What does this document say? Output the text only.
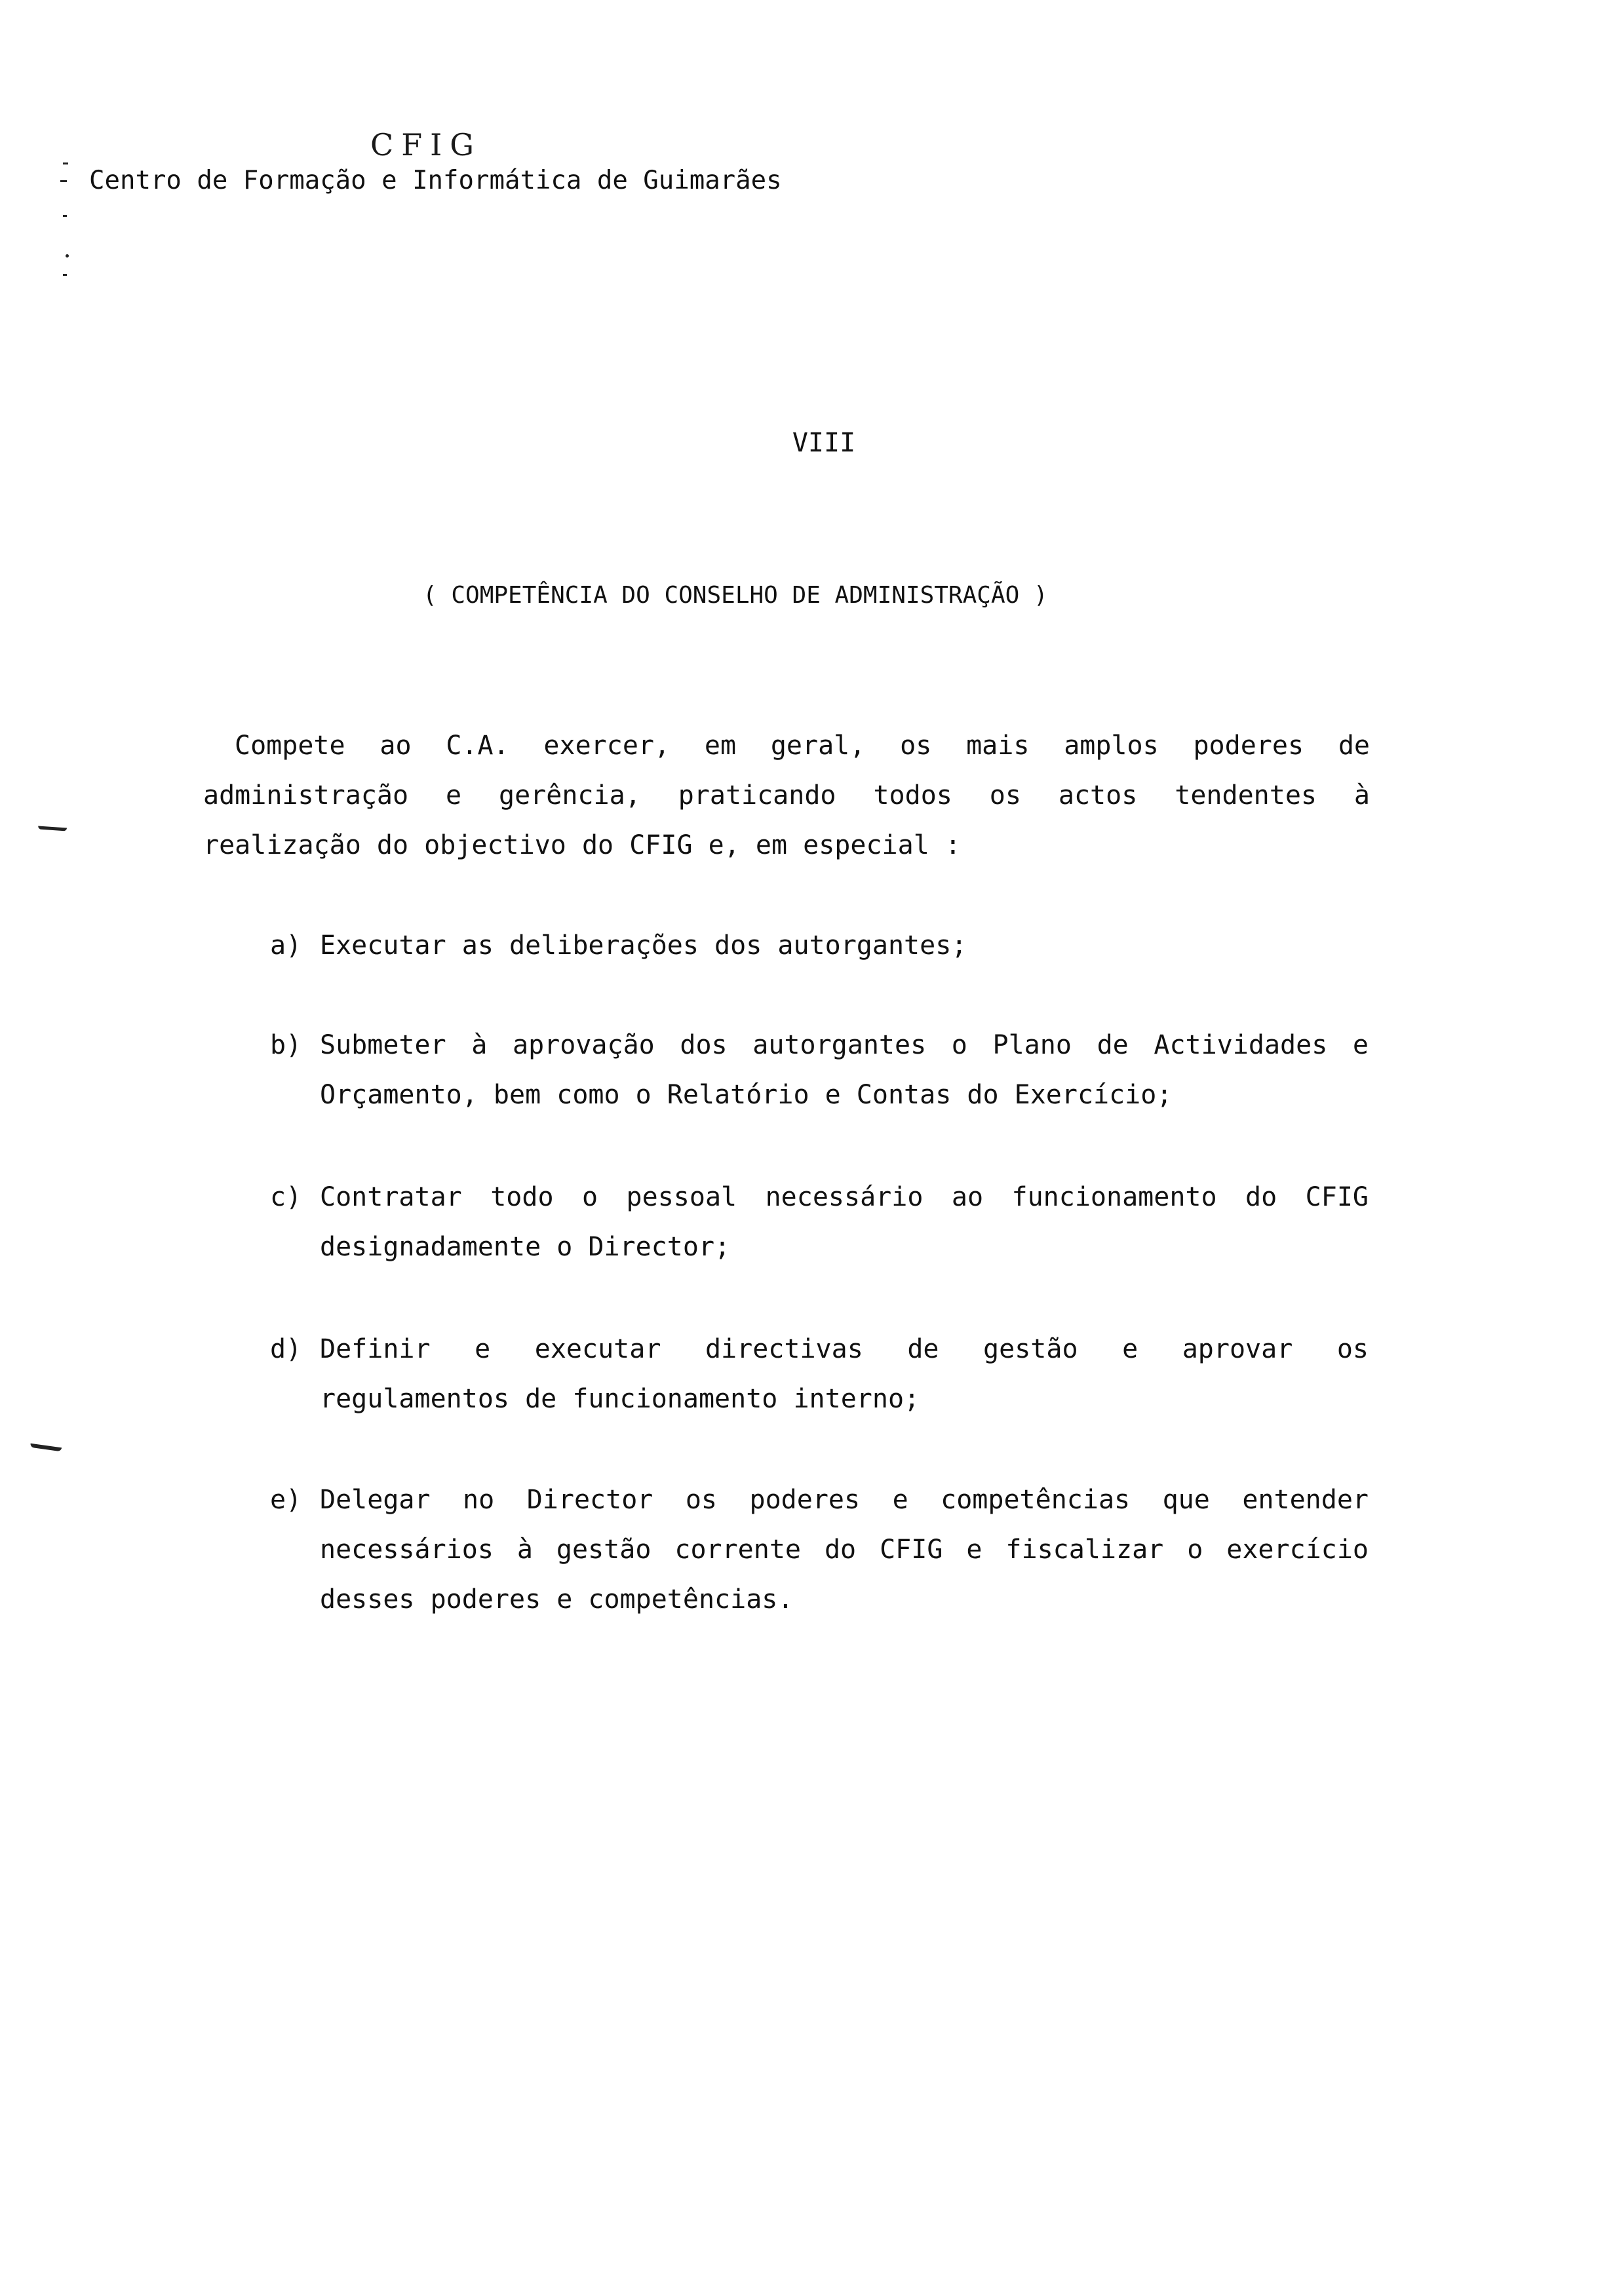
CFIG
Centro de Formação e Informática de Guimarães
VIII
( COMPETÊNCIA DO CONSELHO DE ADMINISTRAÇÃO )
Compete ao C.A. exercer, em geral, os mais amplos poderes de
administração e gerência, praticando todos os actos tendentes à
realização do objectivo do CFIG e, em especial :
a) Executar as deliberações dos autorgantes;
b) Submeter à aprovação dos autorgantes o Plano de Actividades e
Orçamento, bem como o Relatório e Contas do Exercício;
c) Contratar todo o pessoal necessário ao funcionamento do CFIG
designadamente o Director;
d) Definir e executar directivas de gestão e aprovar os
regulamentos de funcionamento interno;
e) Delegar no Director os poderes e competências que entender
necessários à gestão corrente do CFIG e fiscalizar o exercício
desses poderes e competências.
